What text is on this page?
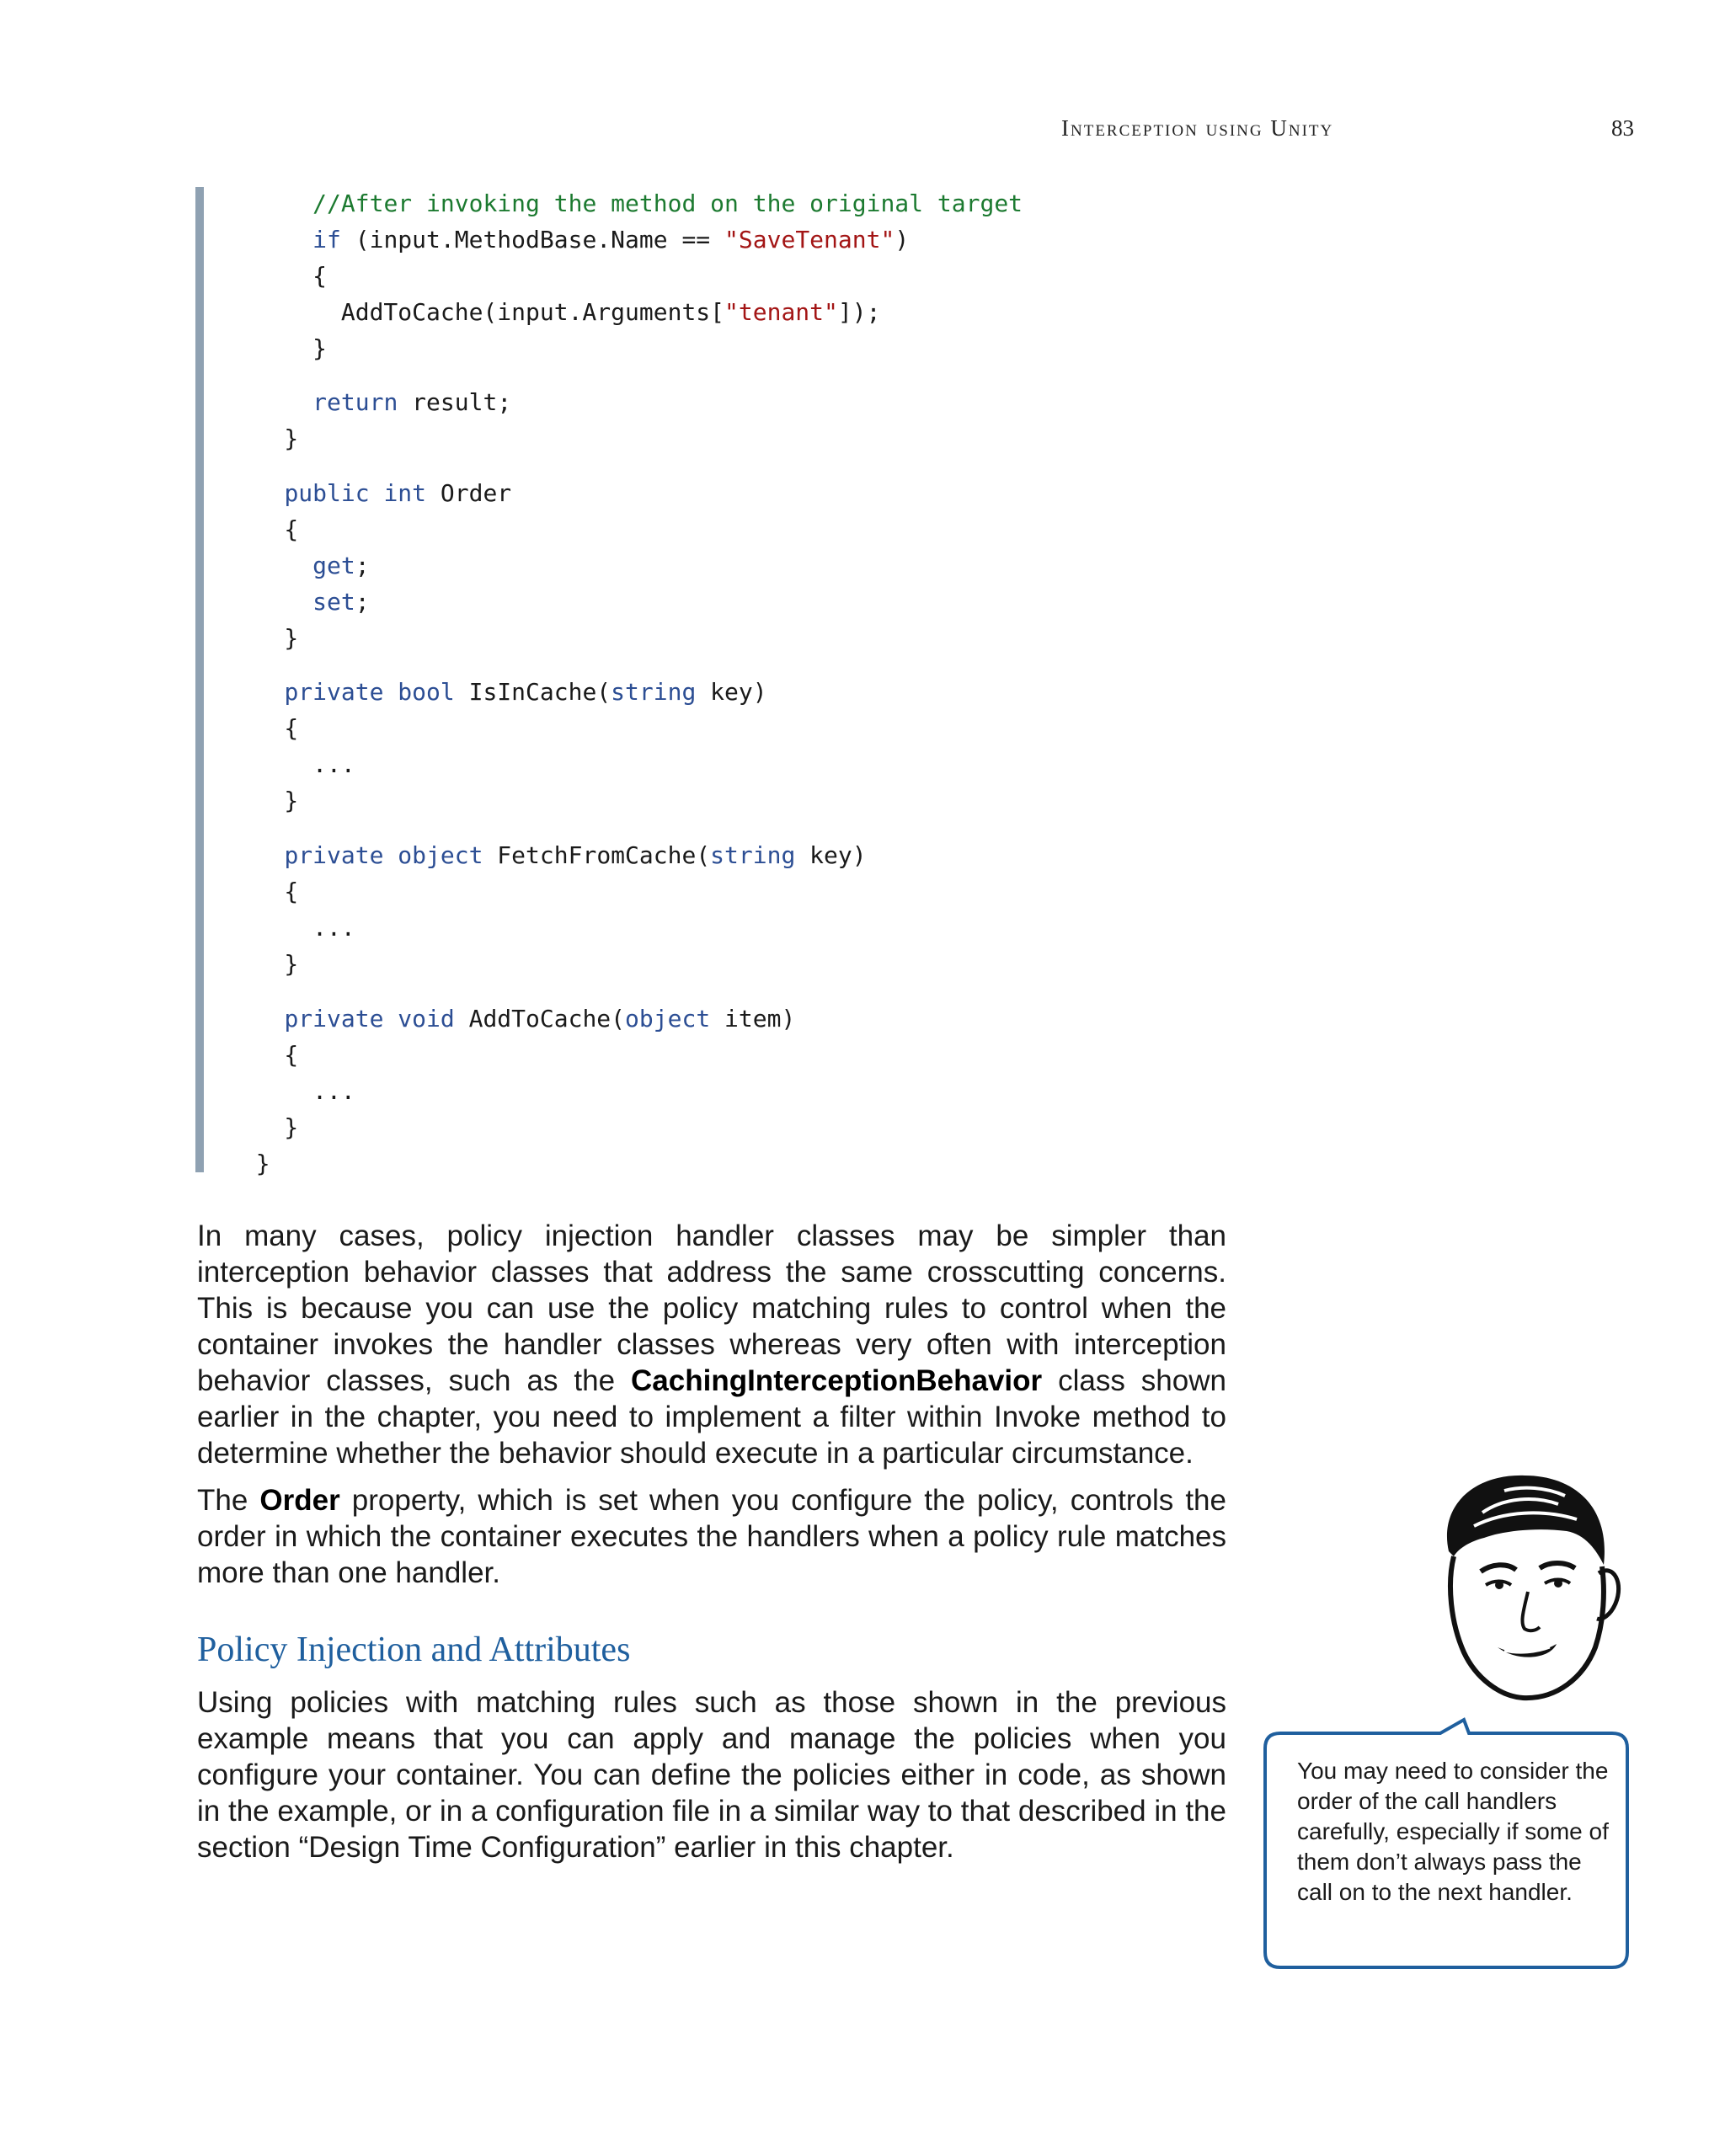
Interception using Unity	83
//After invoking the method on the original target
if (input.MethodBase.Name == "SaveTenant")
{
AddToCache(input.Arguments["tenant"]);
}
return result;
}
public int Order
{
get;
set;
}
private bool IsInCache(string key)
{
...
}
private object FetchFromCache(string key)
{
...
}
private void AddToCache(object item)
{
...
}
}

In many cases, policy injection handler classes may be simpler than interception behavior classes that address the same crosscutting concerns. This is because you can use the policy matching rules to control when the container invokes the handler classes whereas very often with interception behavior classes, such as the CachingInterceptionBehavior class shown earlier in the chapter, you need to implement a filter within Invoke method to determine whether the behavior should execute in a particular circumstance.

The Order property, which is set when you configure the policy, controls the order in which the container executes the handlers when a policy rule matches more than one handler.

Policy Injection and Attributes

Using policies with matching rules such as those shown in the previous example means that you can apply and manage the policies when you configure your container. You can define the policies either in code, as shown in the example, or in a configuration file in a similar way to that described in the section “Design Time Configuration” earlier in this chapter.

You may need to consider the order of the call handlers carefully, especially if some of them don’t always pass the call on to the next handler.
